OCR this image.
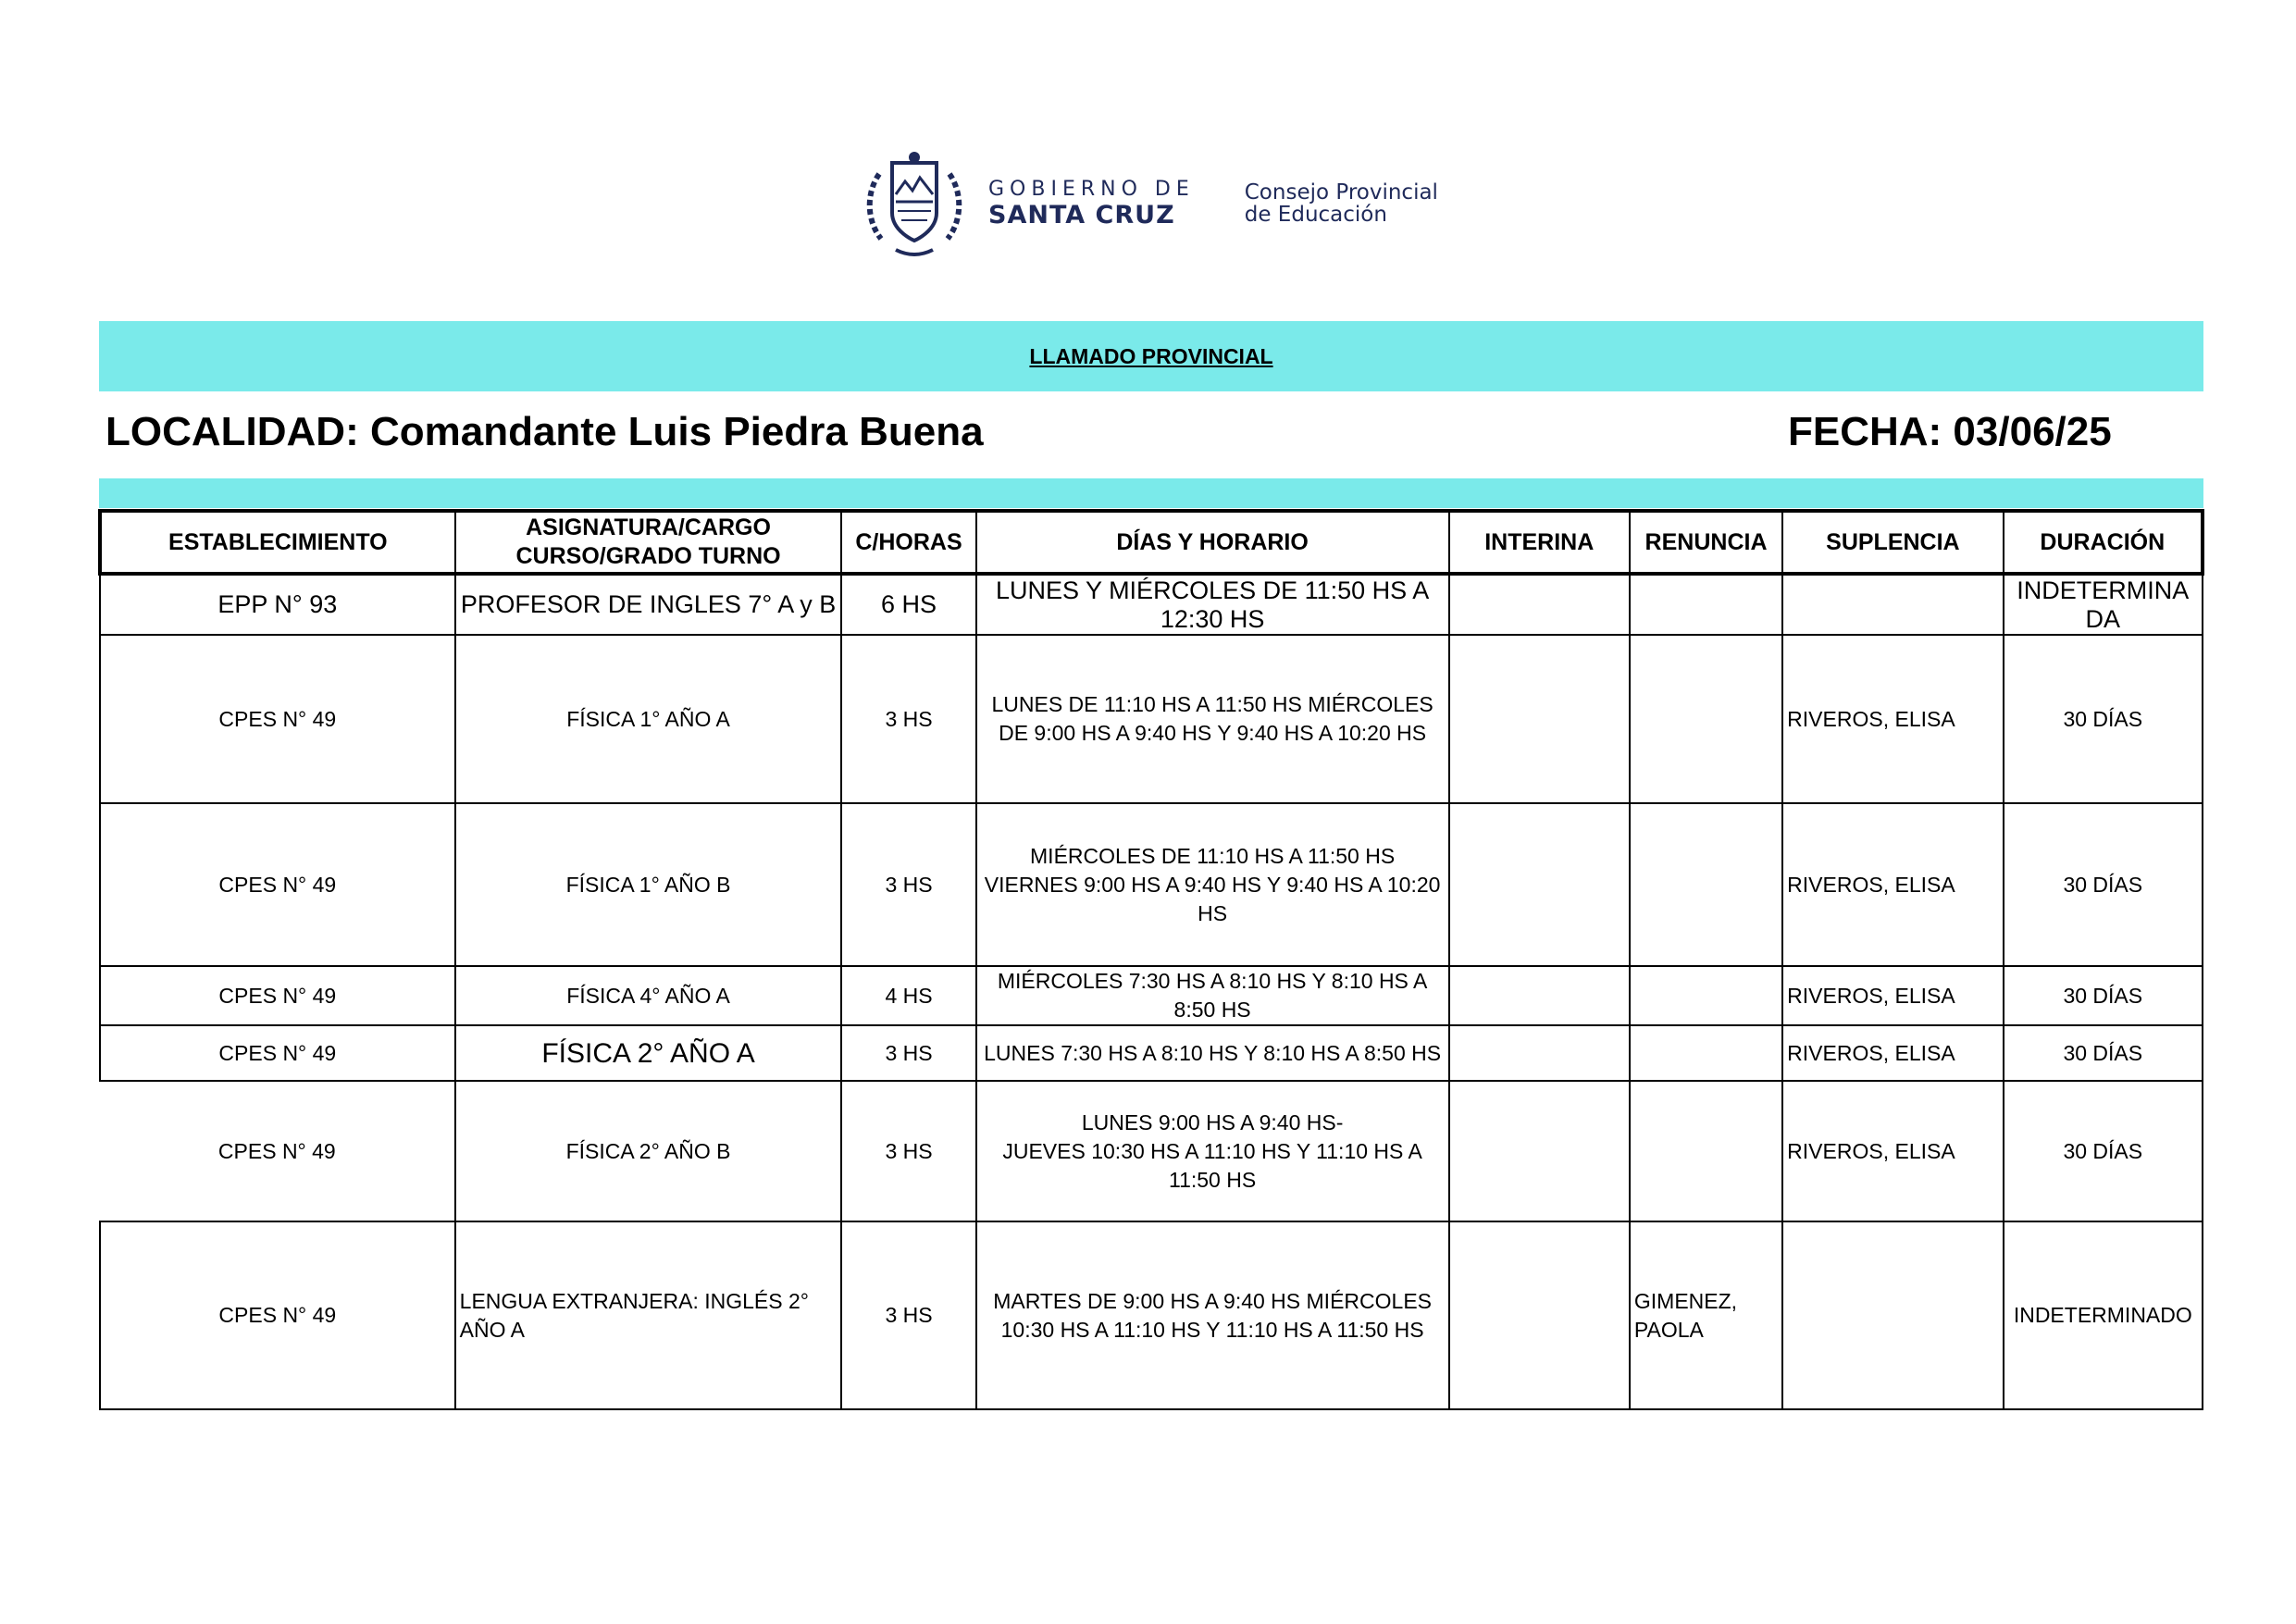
GOBIERNO DE
SANTA CRUZ
Consejo Provincial
de Educación
LLAMADO PROVINCIAL
LOCALIDAD: Comandante Luis Piedra Buena	FECHA: 03/06/25
ESTABLECIMIENTO	ASIGNATURA/CARGO CURSO/GRADO TURNO	C/HORAS	DÍAS Y HORARIO	INTERINA	RENUNCIA	SUPLENCIA	DURACIÓN
EPP N° 93	PROFESOR DE INGLES 7° A y B	6 HS	LUNES Y MIÉRCOLES DE 11:50 HS A 12:30 HS				INDETERMINADA
CPES N° 49	FÍSICA 1° AÑO A	3 HS	LUNES DE 11:10 HS A 11:50 HS MIÉRCOLES DE 9:00 HS A 9:40 HS Y 9:40 HS A 10:20 HS			RIVEROS, ELISA	30 DÍAS
CPES N° 49	FÍSICA 1° AÑO B	3 HS	MIÉRCOLES DE 11:10 HS A 11:50 HS VIERNES 9:00 HS A 9:40 HS Y 9:40 HS A 10:20 HS			RIVEROS, ELISA	30 DÍAS
CPES N° 49	FÍSICA 4° AÑO A	4 HS	MIÉRCOLES 7:30 HS A 8:10 HS Y 8:10 HS A 8:50 HS			RIVEROS, ELISA	30 DÍAS
CPES N° 49	FÍSICA 2° AÑO A	3 HS	LUNES 7:30 HS A 8:10 HS Y 8:10 HS A 8:50 HS			RIVEROS, ELISA	30 DÍAS
CPES N° 49	FÍSICA 2° AÑO B	3 HS	LUNES 9:00 HS A 9:40 HS-
JUEVES 10:30 HS A 11:10 HS Y 11:10 HS A 11:50 HS			RIVEROS, ELISA	30 DÍAS
CPES N° 49	LENGUA EXTRANJERA: INGLÉS 2° AÑO A	3 HS	MARTES DE 9:00 HS A 9:40 HS MIÉRCOLES 10:30 HS A 11:10 HS Y 11:10 HS A 11:50 HS		GIMENEZ, PAOLA		INDETERMINADO
